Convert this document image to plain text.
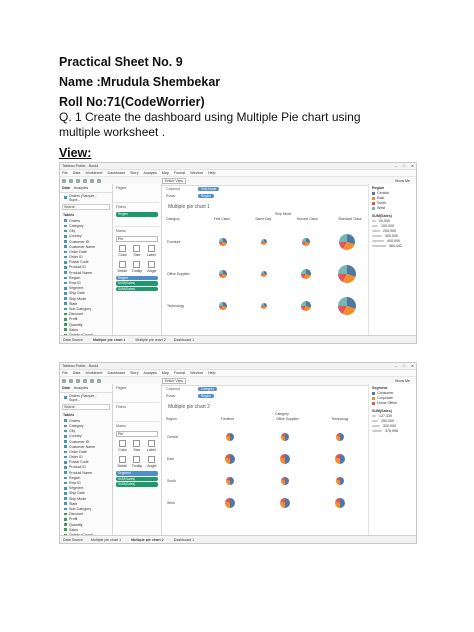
Practical Sheet No. 9
Name :Mrudula Shembekar
Roll No:71(CodeWorrier)
Q. 1 Create the dashboard using Multiple Pie chart using multiple worksheet .
View:
Tableau Public - Book1	– □ ✕
File Data Worksheet Dashboard Story Analysis Map Format Window Help
Entire View	Show Me
Data Analytics
Orders (Sample - Supe...
Search
Tables
Orders
Category
City
Country
Customer ID
Customer Name
Order Date
Order ID
Postal Code
Product ID
Product Name
Region
Row ID
Segment
Ship Date
Ship Mode
State
Sub-Category
Discount
Profit
Quantity
Sales
Pages
Filters
Region
Marks
Pie
Color Size Label
Detail Tooltip Angle
Region
SUM(Sales)
SUM(Sales)
Columns	Ship Mode
Rows	Region
Multiple pie chart 1
Ship Mode
Category	First Class	Same Day	Second Class	Standard Class
Furniture
Office Supplies
Technology
Region
Central
East
South
West
SUM(Sales)
20,000
100,000
200,000
300,000
400,000
464,442
Data Source	Multiple pie chart 1	Multiple pie chart 2 Dashboard 1
Tableau Public - Book1	– □ ✕
File Data Worksheet Dashboard Story Analysis Map Format Window Help
Entire View	Show Me
Data Analytics
Orders (Sample - Supe...
Search
Tables
Orders
Category
City
Country
Customer ID
Customer Name
Order Date
Order ID
Postal Code
Product ID
Product Name
Region
Row ID
Segment
Ship Date
Ship Mode
State
Sub-Category
Discount
Profit
Quantity
Sales
Pages
Filters
Marks
Pie
Color Size Label
Detail Tooltip Angle
Segment
SUM(Sales)
SUM(Sales)
Columns	Category
Rows	Region
Multiple pie chart 2
Category
Region	Furniture	Office Supplies	Technology
Central
East
South
West
Segment
Consumer
Corporate
Home Office
SUM(Sales)
127,339
200,000
300,000
376,998
Data Source Multiple pie chart 1	Multiple pie chart 2	Dashboard 1
